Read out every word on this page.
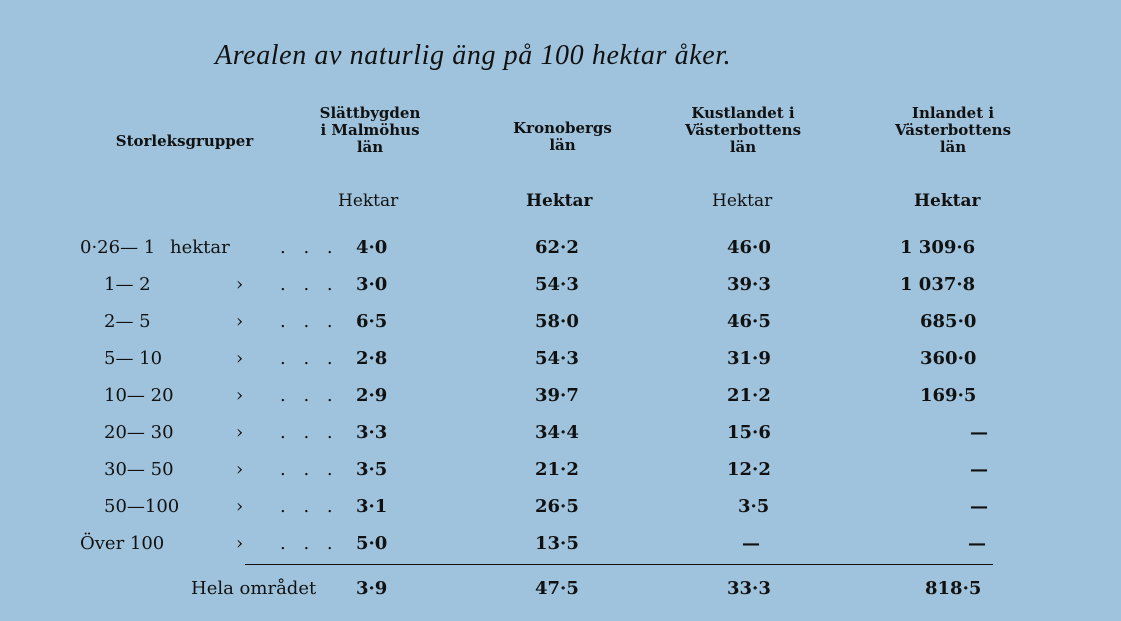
Arealen av naturlig äng på 100 hektar åker.
Storleksgrupper
Slättbygden
i Malmöhus
län
Kronobergs
län
Kustlandet i
Västerbottens
län
Inlandet i
Västerbottens
län
Hektar	Hektar	Hektar	Hektar
0·26— 1 hektar	. . . 4·0	62·2	46·0	1 309·6
1— 2	› . . . 3·0	54·3	39·3	1 037·8
2— 5	› . . . 6·5	58·0	46·5	685·0
5— 10	› . . . 2·8	54·3	31·9	360·0
10— 20	› . . . 2·9	39·7	21·2	169·5
20— 30	› . . . 3·3	34·4	15·6	—
30— 50	› . . . 3·5	21·2	12·2	—
50—100	› . . . 3·1	26·5	3·5	—
Över 100	› . . . 5·0	13·5	—	—
Hela området 3·9	47·5	33·3	818·5
